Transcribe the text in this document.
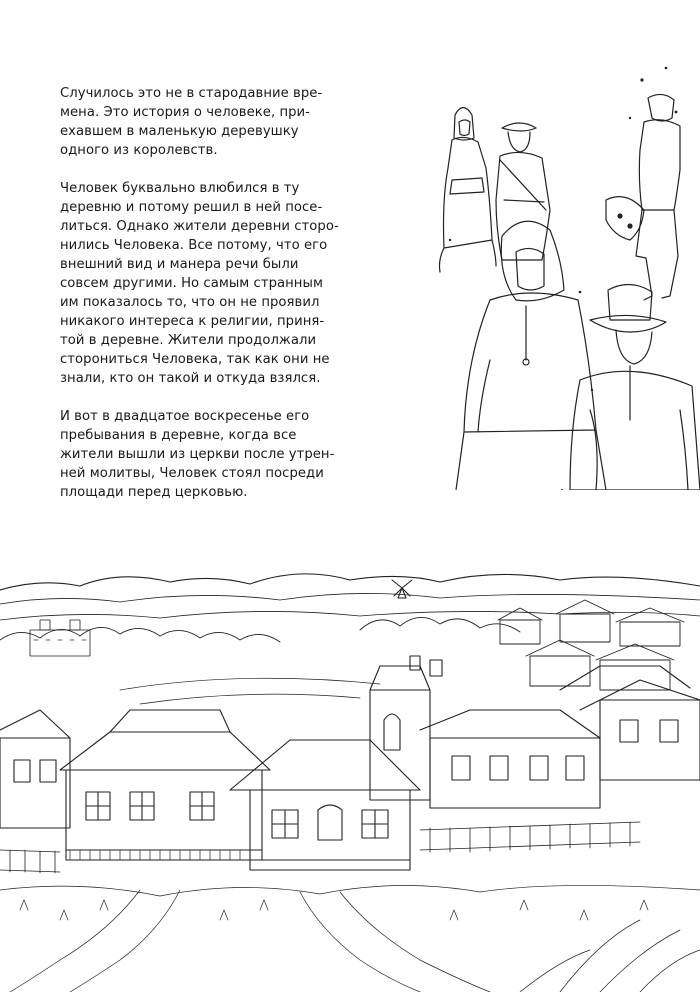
Случилось это не в стародавние вре-
мена. Это история о человеке, при-
ехавшем в маленькую деревушку
одного из королевств.

Человек буквально влюбился в ту
деревню и потому решил в ней посе-
литься. Однако жители деревни сторо-
нились Человека. Все потому, что его
внешний вид и манера речи были
совсем другими. Но самым странным
им показалось то, что он не проявил
никакого интереса к религии, приня-
той в деревне. Жители продолжали
сторониться Человека, так как они не
знали, кто он такой и откуда взялся.

И вот в двадцатое воскресенье его
пребывания в деревне, когда все
жители вышли из церкви после утрен-
ней молитвы, Человек стоял посреди
площади перед церковью.
